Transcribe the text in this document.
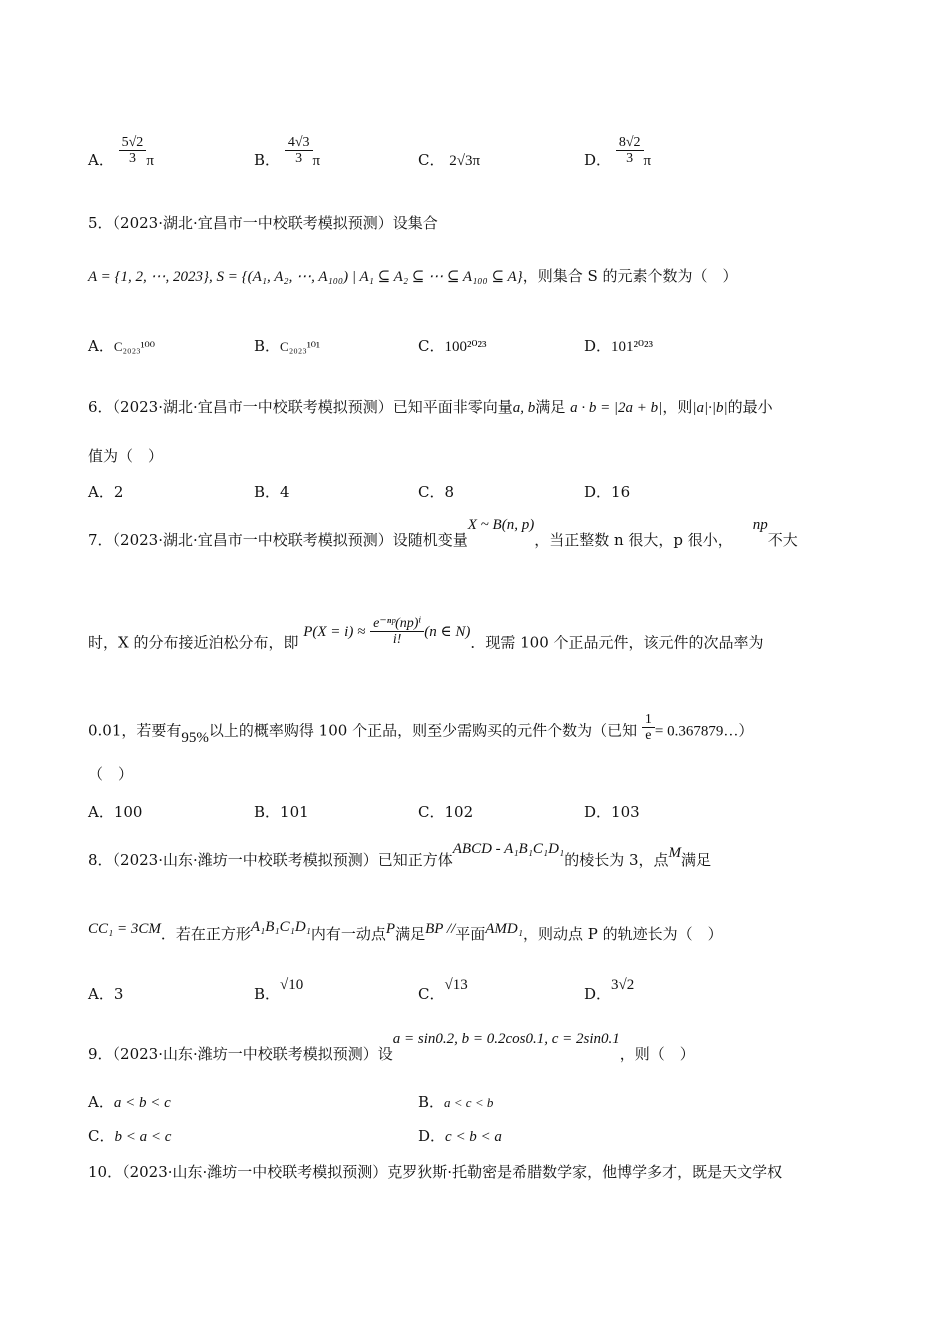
A． $\frac{5√2}{3}$ π	B． $\frac{4√3}{3}$ π	C． 2√3π	D． $\frac{8√2}{3}$ π
5．（2023·湖北·宜昌市一中校联考模拟预测）设集合
A = {1, 2, ⋯, 2023}, S = {(A₁, A₂, ⋯, A₁₀₀) | A₁ ⊆ A₂ ⊆ ⋯ ⊆ A₁₀₀ ⊆ A}，则集合 S 的元素个数为（　）
A．C₂₀₂₃¹⁰⁰	B．C₂₀₂₃¹⁰¹	C．100²⁰²³	D．101²⁰²³
6．（2023·湖北·宜昌市一中校联考模拟预测）已知平面非零向量a, b满足 a · b = |2a + b|，则|a|·|b|的最小
值为（　）
A．2	B．4	C．8	D．16
7．（2023·湖北·宜昌市一中校联考模拟预测）设随机变量X ~ B(n, p)，当正整数 n 很大，p 很小，np不大
时，X 的分布接近泊松分布，即 $P(X = i) \approx \frac{\text{e⁻ⁿᵖ(np)ⁱ}}{i!} (n$ ∈ N)．现需 100 个正品元件，该元件的次品率为
0.01，若要有95%以上的概率购得 100 个正品，则至少需购买的元件个数为（已知 $\frac{1}{e}$ = 0.367879…）
（　）
A．100	B．101	C．102	D．103
8．（2023·山东·潍坊一中校联考模拟预测）已知正方体ABCD - A₁B₁C₁D₁的棱长为 3，点M满足
CC₁ = 3CM．若在正方形A₁B₁C₁D₁内有一动点P满足BP //平面AMD₁，则动点 P 的轨迹长为（　）
A．3	B．√10	C．√13	D．3√2
9．（2023·山东·潍坊一中校联考模拟预测）设a = sin0.2, b = 0.2cos0.1, c = 2sin0.1，则（　）
A．a < b < c	B．a < c < b
C．b < a < c	D．c < b < a
10．（2023·山东·潍坊一中校联考模拟预测）克罗狄斯·托勒密是希腊数学家，他博学多才，既是天文学权
